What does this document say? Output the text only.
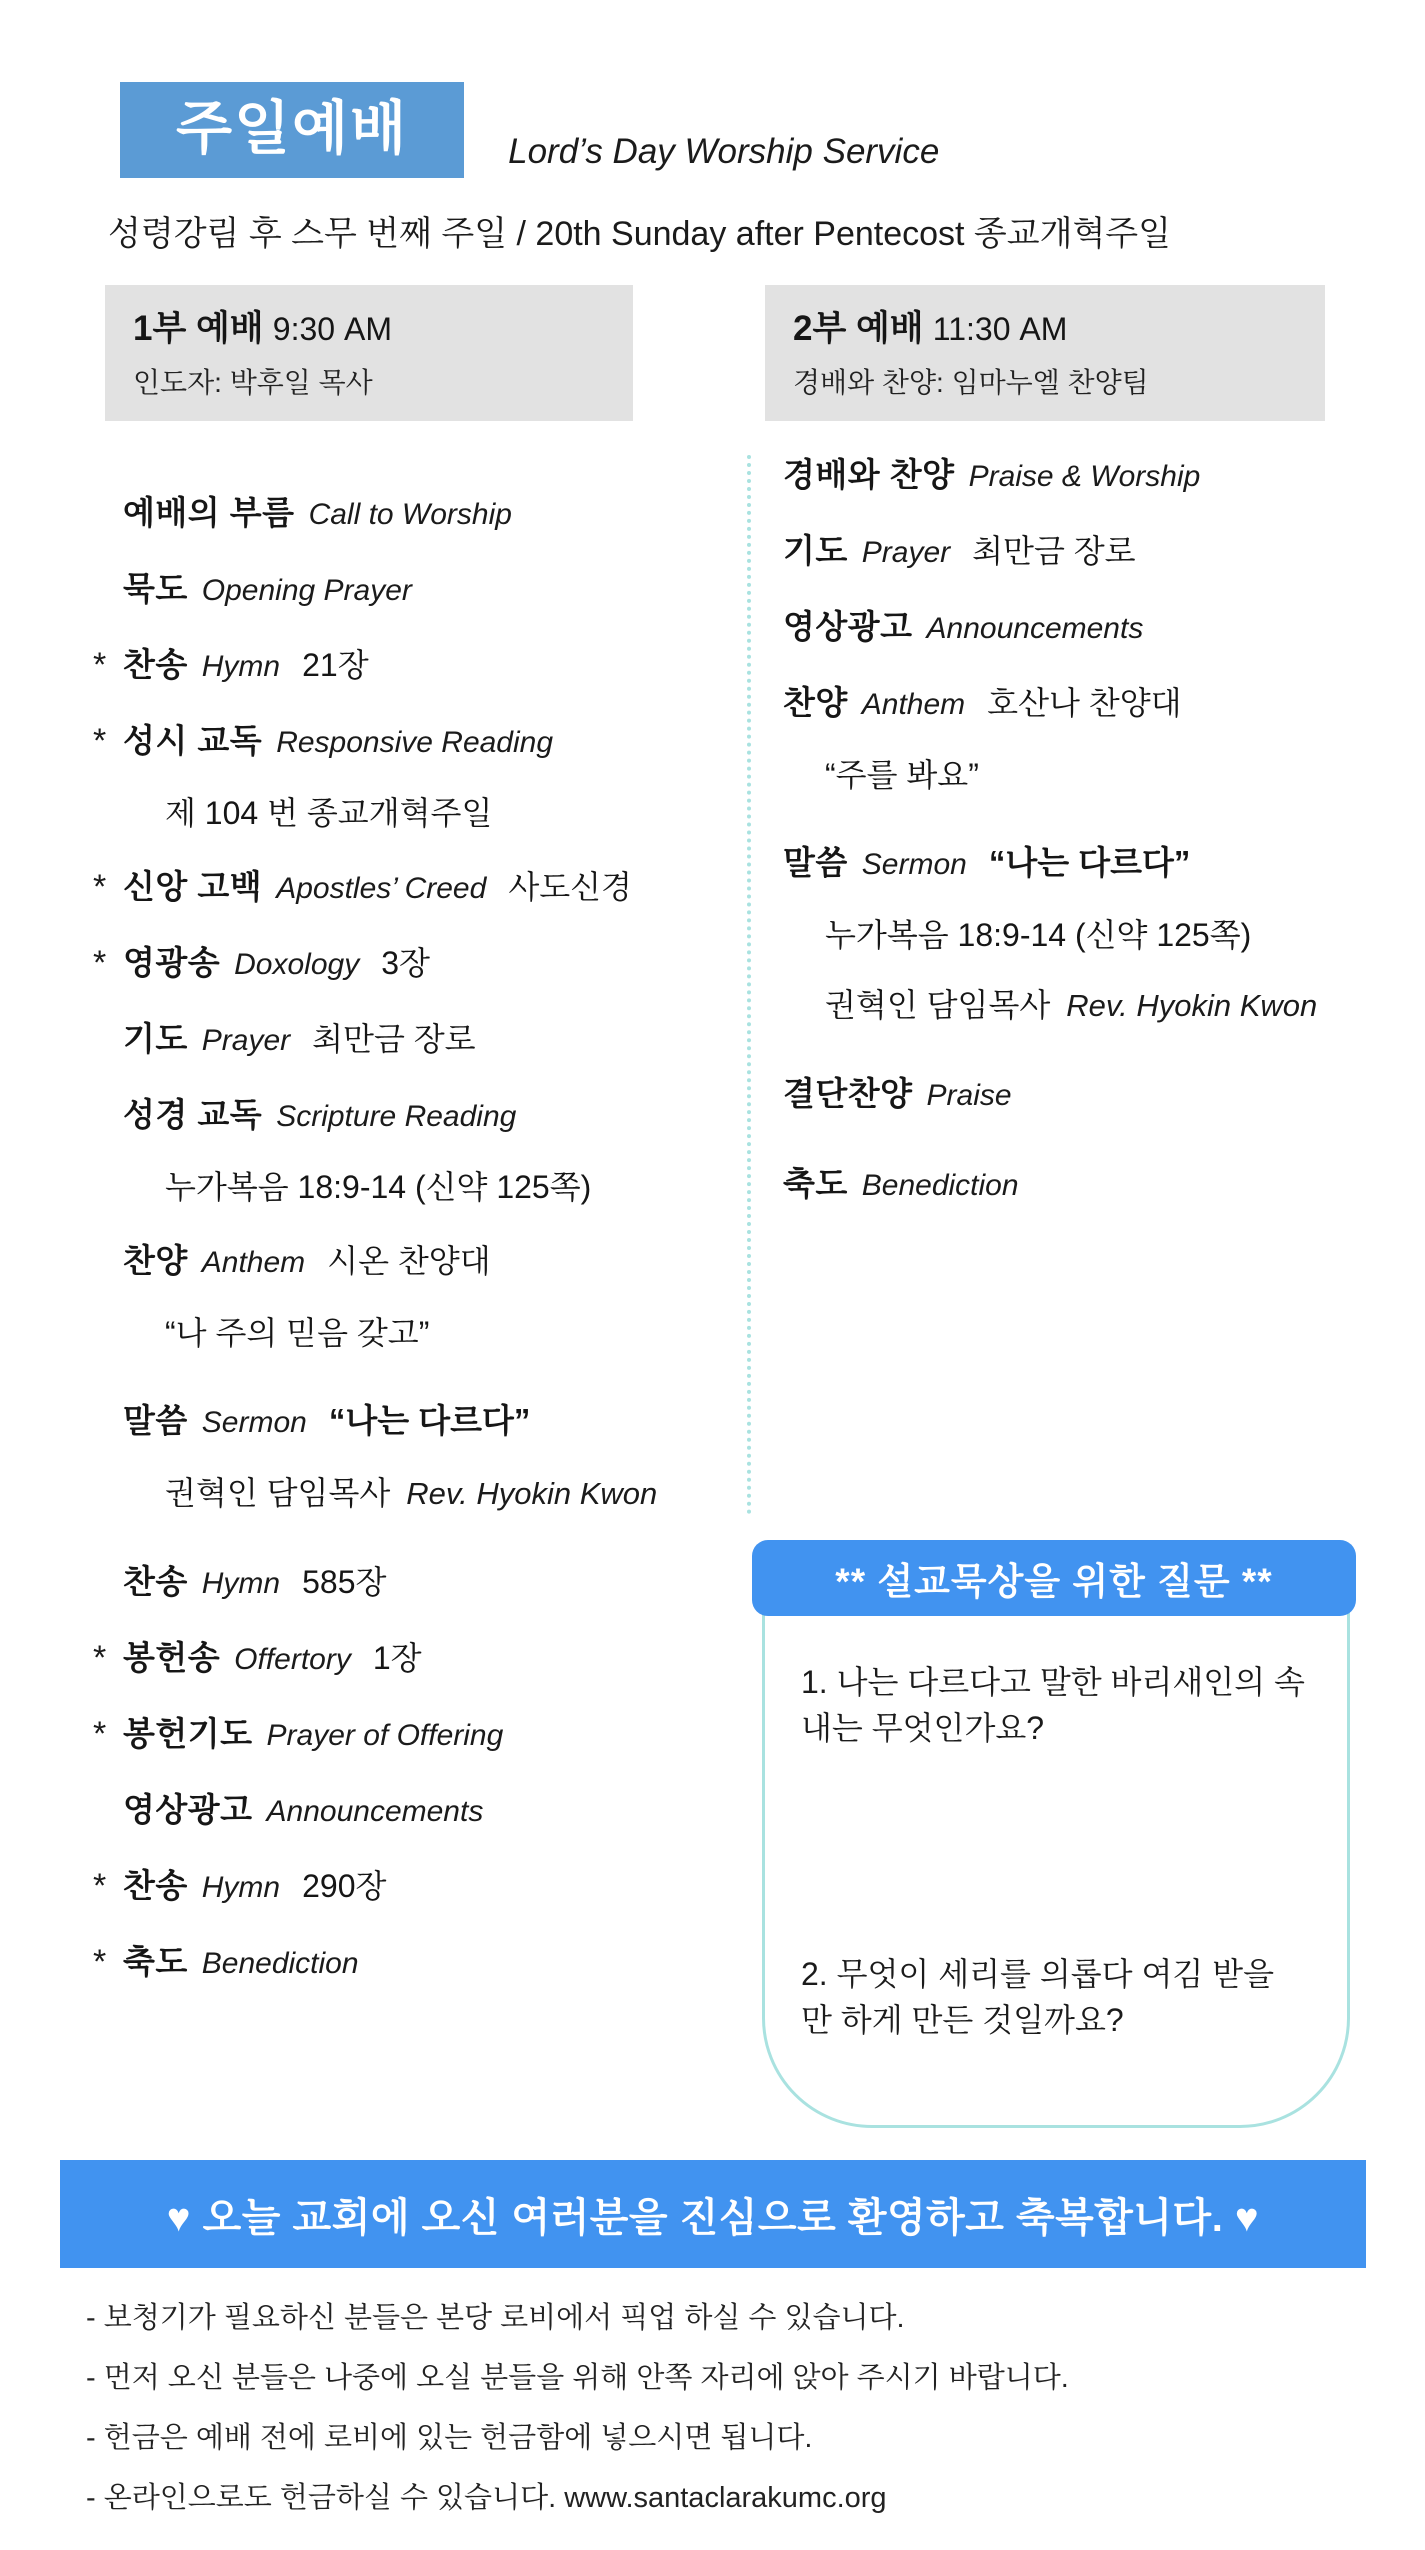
주일예배	Lord’s Day Worship Service
성령강림 후 스무 번째 주일 / 20th Sunday after Pentecost 종교개혁주일
1부 예배 9:30 AM
인도자: 박후일 목사
예배의 부름 Call to Worship
묵도 Opening Prayer
* 찬송 Hymn 21장
* 성시 교독 Responsive Reading
제 104 번 종교개혁주일
* 신앙 고백 Apostles’ Creed 사도신경
* 영광송 Doxology 3장
기도 Prayer 최만금 장로
성경 교독 Scripture Reading
누가복음 18:9-14 (신약 125쪽)
찬양 Anthem 시온 찬양대
“나 주의 믿음 갖고”
말씀 Sermon “나는 다르다”
권혁인 담임목사 Rev. Hyokin Kwon
찬송 Hymn 585장
* 봉헌송 Offertory 1장
* 봉헌기도 Prayer of Offering
영상광고 Announcements
* 찬송 Hymn 290장
* 축도 Benediction
2부 예배 11:30 AM
경배와 찬양: 임마누엘 찬양팀
경배와 찬양 Praise & Worship
기도 Prayer 최만금 장로
영상광고 Announcements
찬양 Anthem 호산나 찬양대
“주를 봐요”
말씀 Sermon “나는 다르다”
누가복음 18:9-14 (신약 125쪽)
권혁인 담임목사 Rev. Hyokin Kwon
결단찬양 Praise
축도 Benediction
** 설교묵상을 위한 질문 **
1. 나는 다르다고 말한 바리새인의 속 내는 무엇인가요?
2. 무엇이 세리를 의롭다 여김 받을 만 하게 만든 것일까요?
♥ 오늘 교회에 오신 여러분을 진심으로 환영하고 축복합니다. ♥
- 보청기가 필요하신 분들은 본당 로비에서 픽업 하실 수 있습니다.
- 먼저 오신 분들은 나중에 오실 분들을 위해 안쪽 자리에 앉아 주시기 바랍니다.
- 헌금은 예배 전에 로비에 있는 헌금함에 넣으시면 됩니다.
- 온라인으로도 헌금하실 수 있습니다. www.santaclarakumc.org
